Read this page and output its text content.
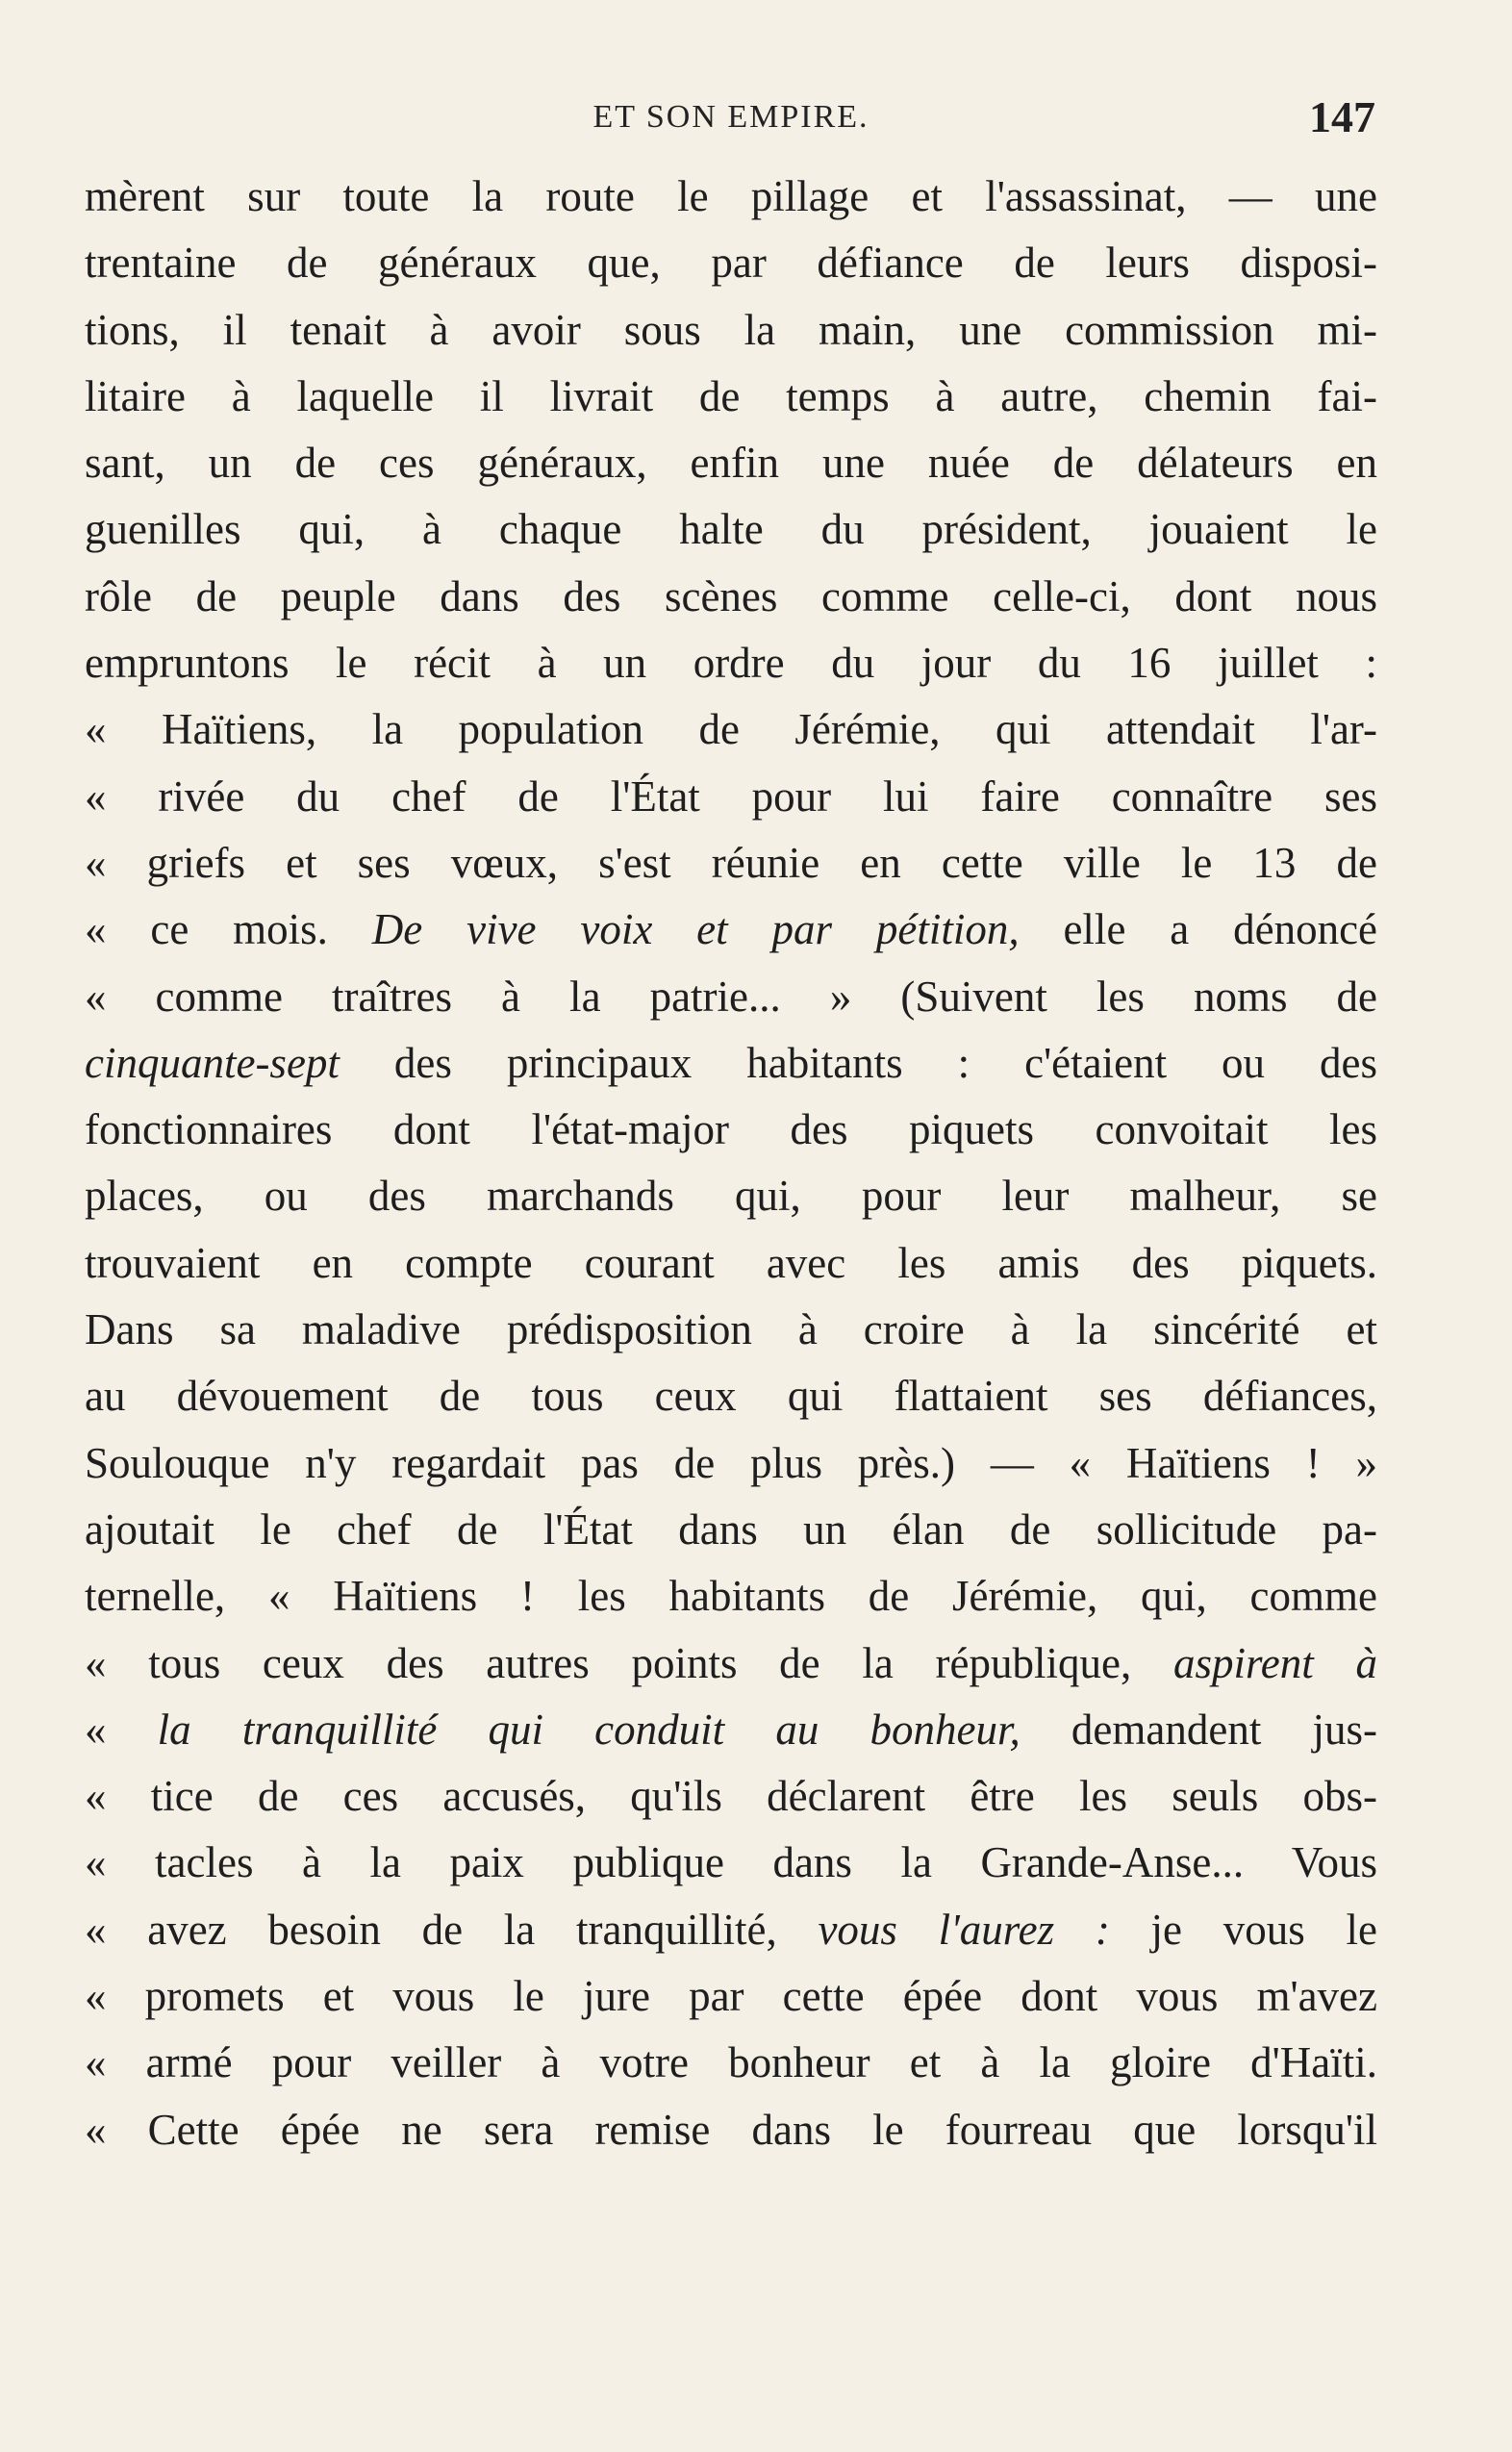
ET SON EMPIRE.	147
mèrent sur toute la route le pillage et l'assassinat, — une
trentaine de généraux que, par défiance de leurs disposi-
tions, il tenait à avoir sous la main, une commission mi-
litaire à laquelle il livrait de temps à autre, chemin fai-
sant, un de ces généraux, enfin une nuée de délateurs en
guenilles qui, à chaque halte du président, jouaient le
rôle de peuple dans des scènes comme celle-ci, dont nous
empruntons le récit à un ordre du jour du 16 juillet :
« Haïtiens, la population de Jérémie, qui attendait l'ar-
« rivée du chef de l'État pour lui faire connaître ses
« griefs et ses vœux, s'est réunie en cette ville le 13 de
« ce mois. De vive voix et par pétition, elle a dénoncé
« comme traîtres à la patrie... » (Suivent les noms de
cinquante-sept des principaux habitants : c'étaient ou des
fonctionnaires dont l'état-major des piquets convoitait les
places, ou des marchands qui, pour leur malheur, se
trouvaient en compte courant avec les amis des piquets.
Dans sa maladive prédisposition à croire à la sincérité et
au dévouement de tous ceux qui flattaient ses défiances,
Soulouque n'y regardait pas de plus près.) — « Haïtiens ! »
ajoutait le chef de l'État dans un élan de sollicitude pa-
ternelle, « Haïtiens ! les habitants de Jérémie, qui, comme
« tous ceux des autres points de la république, aspirent à
« la tranquillité qui conduit au bonheur, demandent jus-
« tice de ces accusés, qu'ils déclarent être les seuls obs-
« tacles à la paix publique dans la Grande-Anse... Vous
« avez besoin de la tranquillité, vous l'aurez : je vous le
« promets et vous le jure par cette épée dont vous m'avez
« armé pour veiller à votre bonheur et à la gloire d'Haïti.
« Cette épée ne sera remise dans le fourreau que lorsqu'il
